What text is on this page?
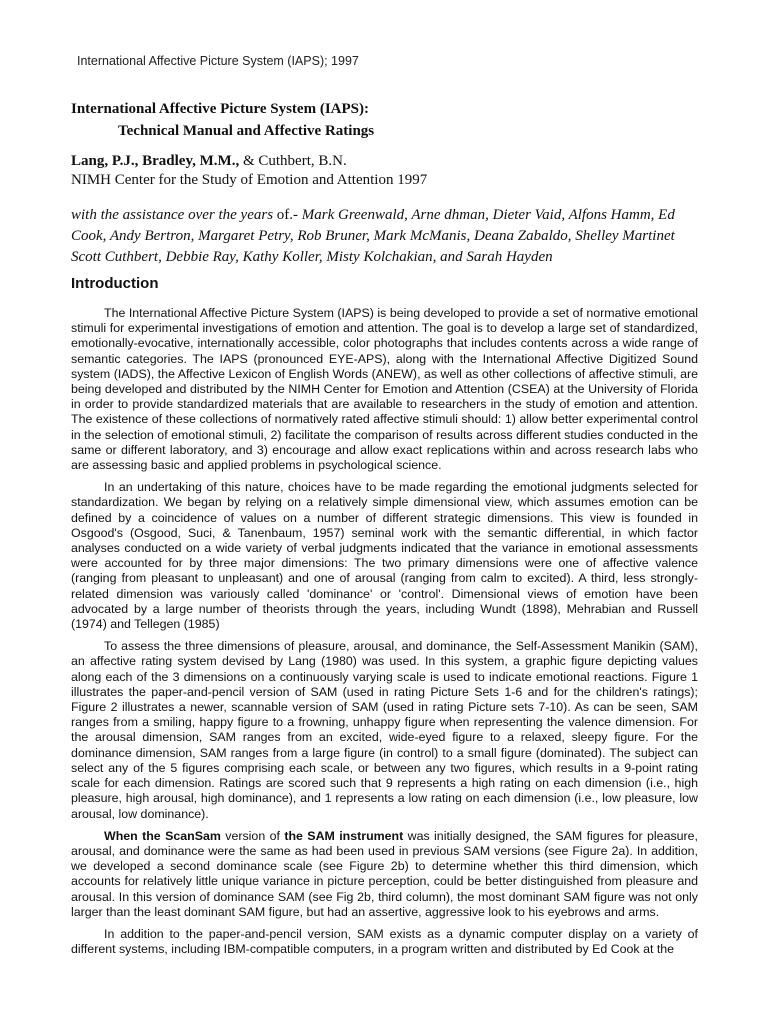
International Affective Picture System (IAPS); 1997
International Affective Picture System (IAPS):
Technical Manual and Affective Ratings
Lang, P.J., Bradley, M.M., & Cuthbert, B.N.
NIMH Center for the Study of Emotion and Attention 1997
with the assistance over the years of.- Mark Greenwald, Arne dhman, Dieter Vaid, Alfons Hamm, Ed Cook, Andy Bertron, Margaret Petry, Rob Bruner, Mark McManis, Deana Zabaldo, Shelley Martinet Scott Cuthbert, Debbie Ray, Kathy Koller, Misty Kolchakian, and Sarah Hayden
Introduction

The International Affective Picture System (IAPS) is being developed to provide a set of normative emotional stimuli for experimental investigations of emotion and attention. The goal is to develop a large set of standardized, emotionally-evocative, internationally accessible, color photographs that includes contents across a wide range of semantic categories. The IAPS (pronounced EYE-APS), along with the International Affective Digitized Sound system (IADS), the Affective Lexicon of English Words (ANEW), as well as other collections of affective stimuli, are being developed and distributed by the NIMH Center for Emotion and Attention (CSEA) at the University of Florida in order to provide standardized materials that are available to researchers in the study of emotion and attention. The existence of these collections of normatively rated affective stimuli should: 1) allow better experimental control in the selection of emotional stimuli, 2) facilitate the comparison of results across different studies conducted in the same or different laboratory, and 3) encourage and allow exact replications within and across research labs who are assessing basic and applied problems in psychological science.

In an undertaking of this nature, choices have to be made regarding the emotional judgments selected for standardization. We began by relying on a relatively simple dimensional view, which assumes emotion can be defined by a coincidence of values on a number of different strategic dimensions. This view is founded in Osgood's (Osgood, Suci, & Tanenbaum, 1957) seminal work with the semantic differential, in which factor analyses conducted on a wide variety of verbal judgments indicated that the variance in emotional assessments were accounted for by three major dimensions: The two primary dimensions were one of affective valence (ranging from pleasant to unpleasant) and one of arousal (ranging from calm to excited). A third, less strongly-related dimension was variously called 'dominance' or 'control'. Dimensional views of emotion have been advocated by a large number of theorists through the years, including Wundt (1898), Mehrabian and Russell (1974) and Tellegen (1985)

To assess the three dimensions of pleasure, arousal, and dominance, the Self-Assessment Manikin (SAM), an affective rating system devised by Lang (1980) was used. In this system, a graphic figure depicting values along each of the 3 dimensions on a continuously varying scale is used to indicate emotional reactions. Figure 1 illustrates the paper-and-pencil version of SAM (used in rating Picture Sets 1-6 and for the children's ratings); Figure 2 illustrates a newer, scannable version of SAM (used in rating Picture sets 7-10). As can be seen, SAM ranges from a smiling, happy figure to a frowning, unhappy figure when representing the valence dimension. For the arousal dimension, SAM ranges from an excited, wide-eyed figure to a relaxed, sleepy figure. For the dominance dimension, SAM ranges from a large figure (in control) to a small figure (dominated). The subject can select any of the 5 figures comprising each scale, or between any two figures, which results in a 9-point rating scale for each dimension. Ratings are scored such that 9 represents a high rating on each dimension (i.e., high pleasure, high arousal, high dominance), and 1 represents a low rating on each dimension (i.e., low pleasure, low arousal, low dominance).

When the ScanSam version of the SAM instrument was initially designed, the SAM figures for pleasure, arousal, and dominance were the same as had been used in previous SAM versions (see Figure 2a). In addition, we developed a second dominance scale (see Figure 2b) to determine whether this third dimension, which accounts for relatively little unique variance in picture perception, could be better distinguished from pleasure and arousal. In this version of dominance SAM (see Fig 2b, third column), the most dominant SAM figure was not only larger than the least dominant SAM figure, but had an assertive, aggressive look to his eyebrows and arms.

In addition to the paper-and-pencil version, SAM exists as a dynamic computer display on a variety of different systems, including IBM-compatible computers, in a program written and distributed by Ed Cook at the
